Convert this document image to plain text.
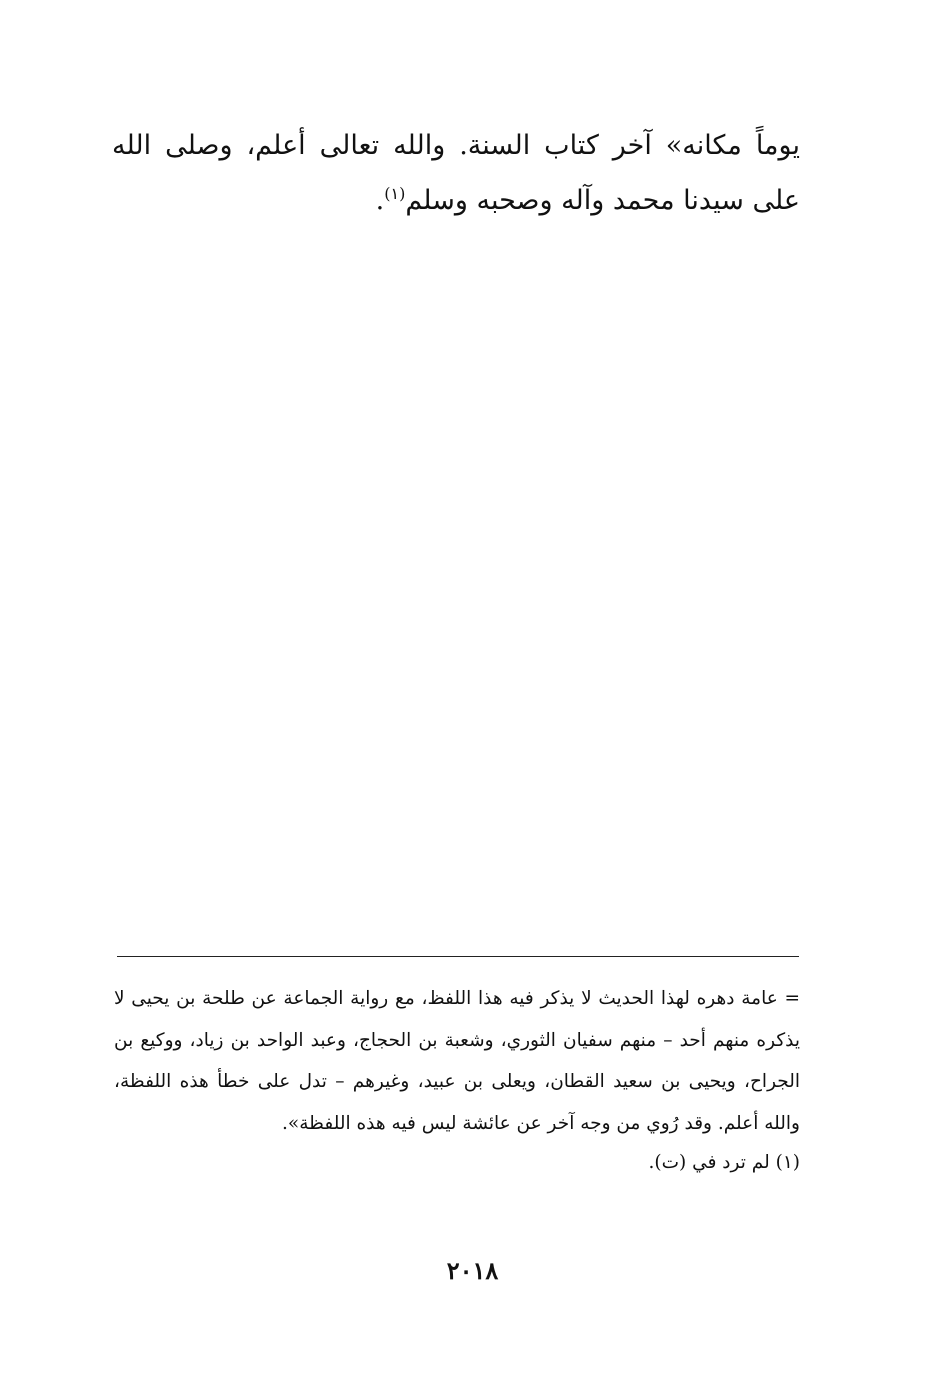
يوماً مكانه» آخر كتاب السنة. والله تعالى أعلم، وصلى الله على سيدنا محمد وآله وصحبه وسلم$^{(١)}$.

= عامة دهره لهذا الحديث لا يذكر فيه هذا اللفظ، مع رواية الجماعة عن طلحة بن يحيى لا يذكره منهم أحد – منهم سفيان الثوري، وشعبة بن الحجاج، وعبد الواحد بن زياد، ووكيع بن الجراح، ويحيى بن سعيد القطان، ويعلى بن عبيد، وغيرهم – تدل على خطأ هذه اللفظة، والله أعلم. وقد رُوي من وجه آخر عن عائشة ليس فيه هذه اللفظة».

(١) لم ترد في (ت).

٢٠١٨
